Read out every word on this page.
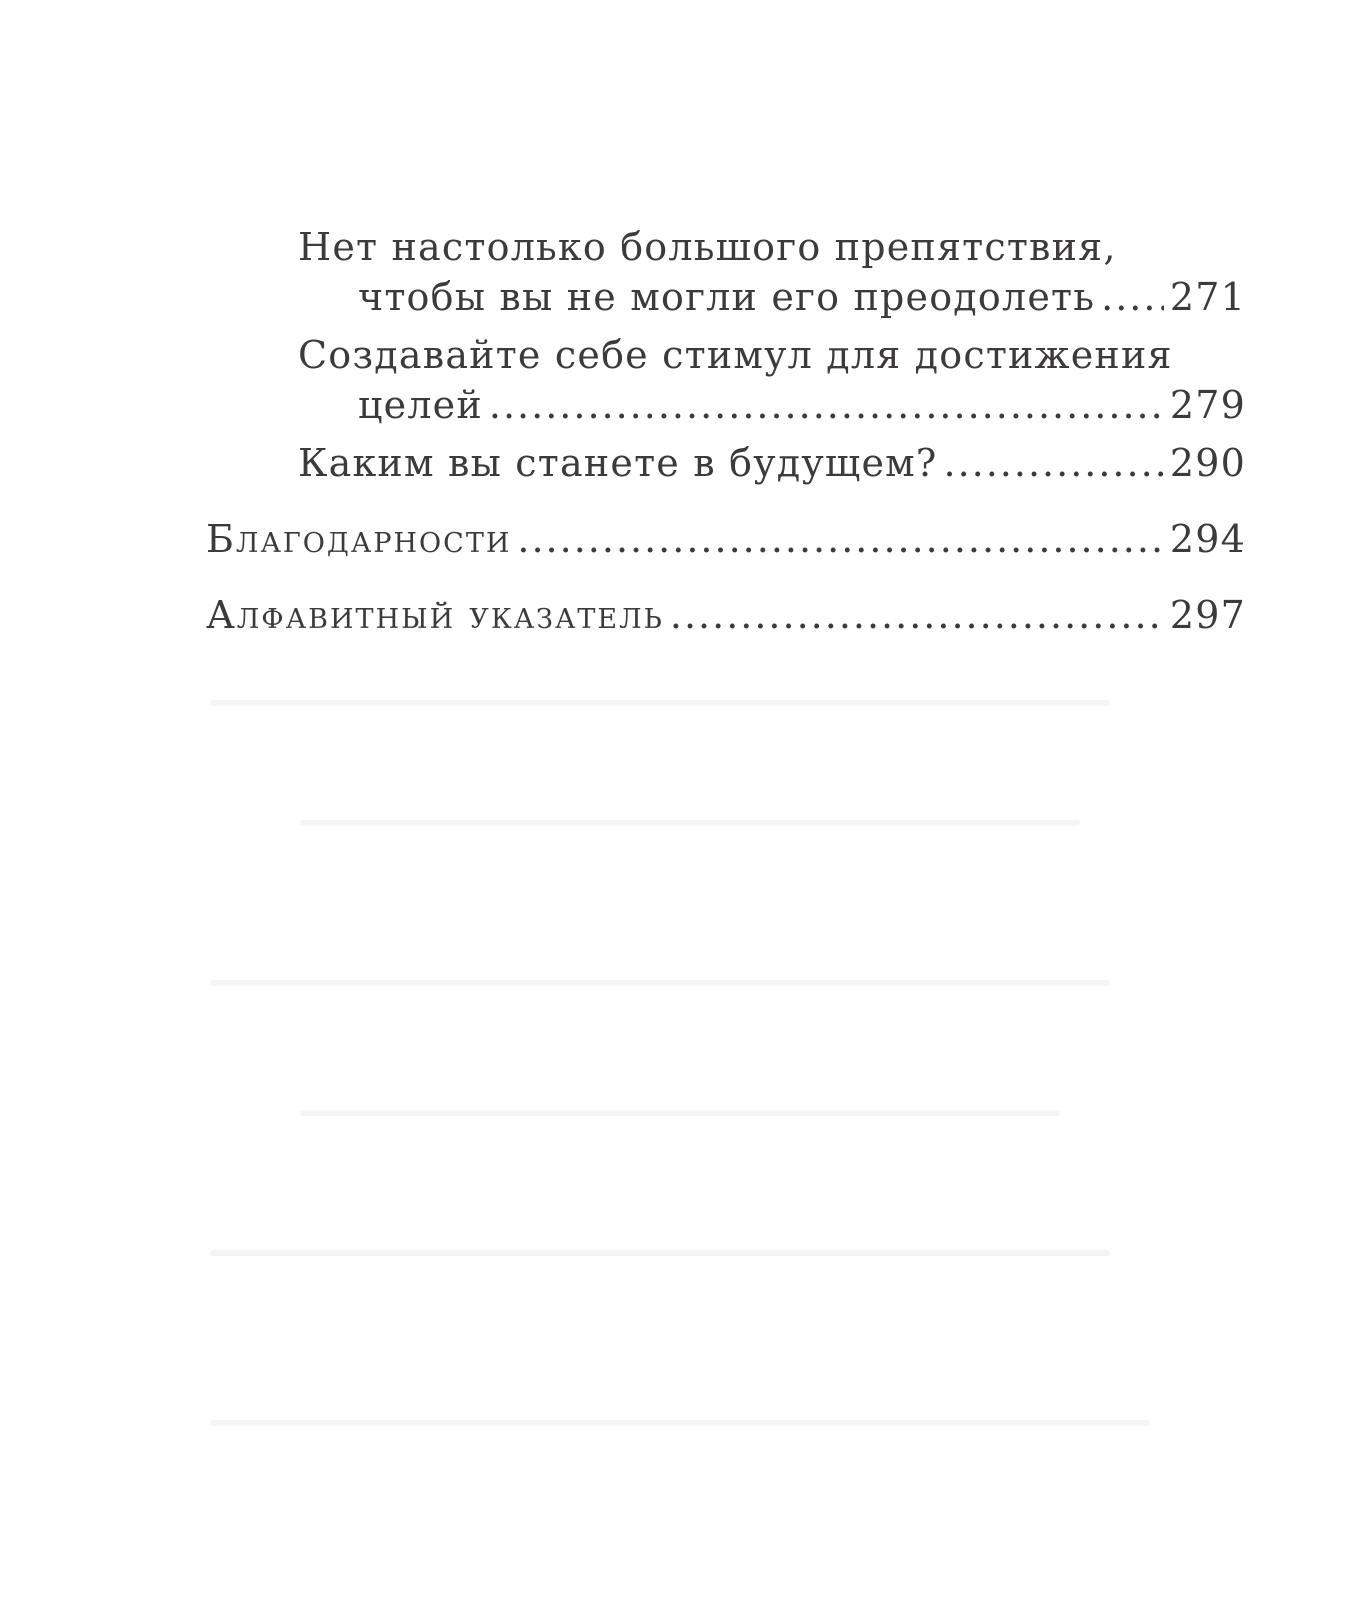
Нет настолько большого препятствия,
чтобы вы не могли его преодолеть ..... 271
Создавайте себе стимул для достижения
целей .....	279
Каким вы станете в будущем? .....	290
Благодарности .....	294
Алфавитный указатель .....	297
